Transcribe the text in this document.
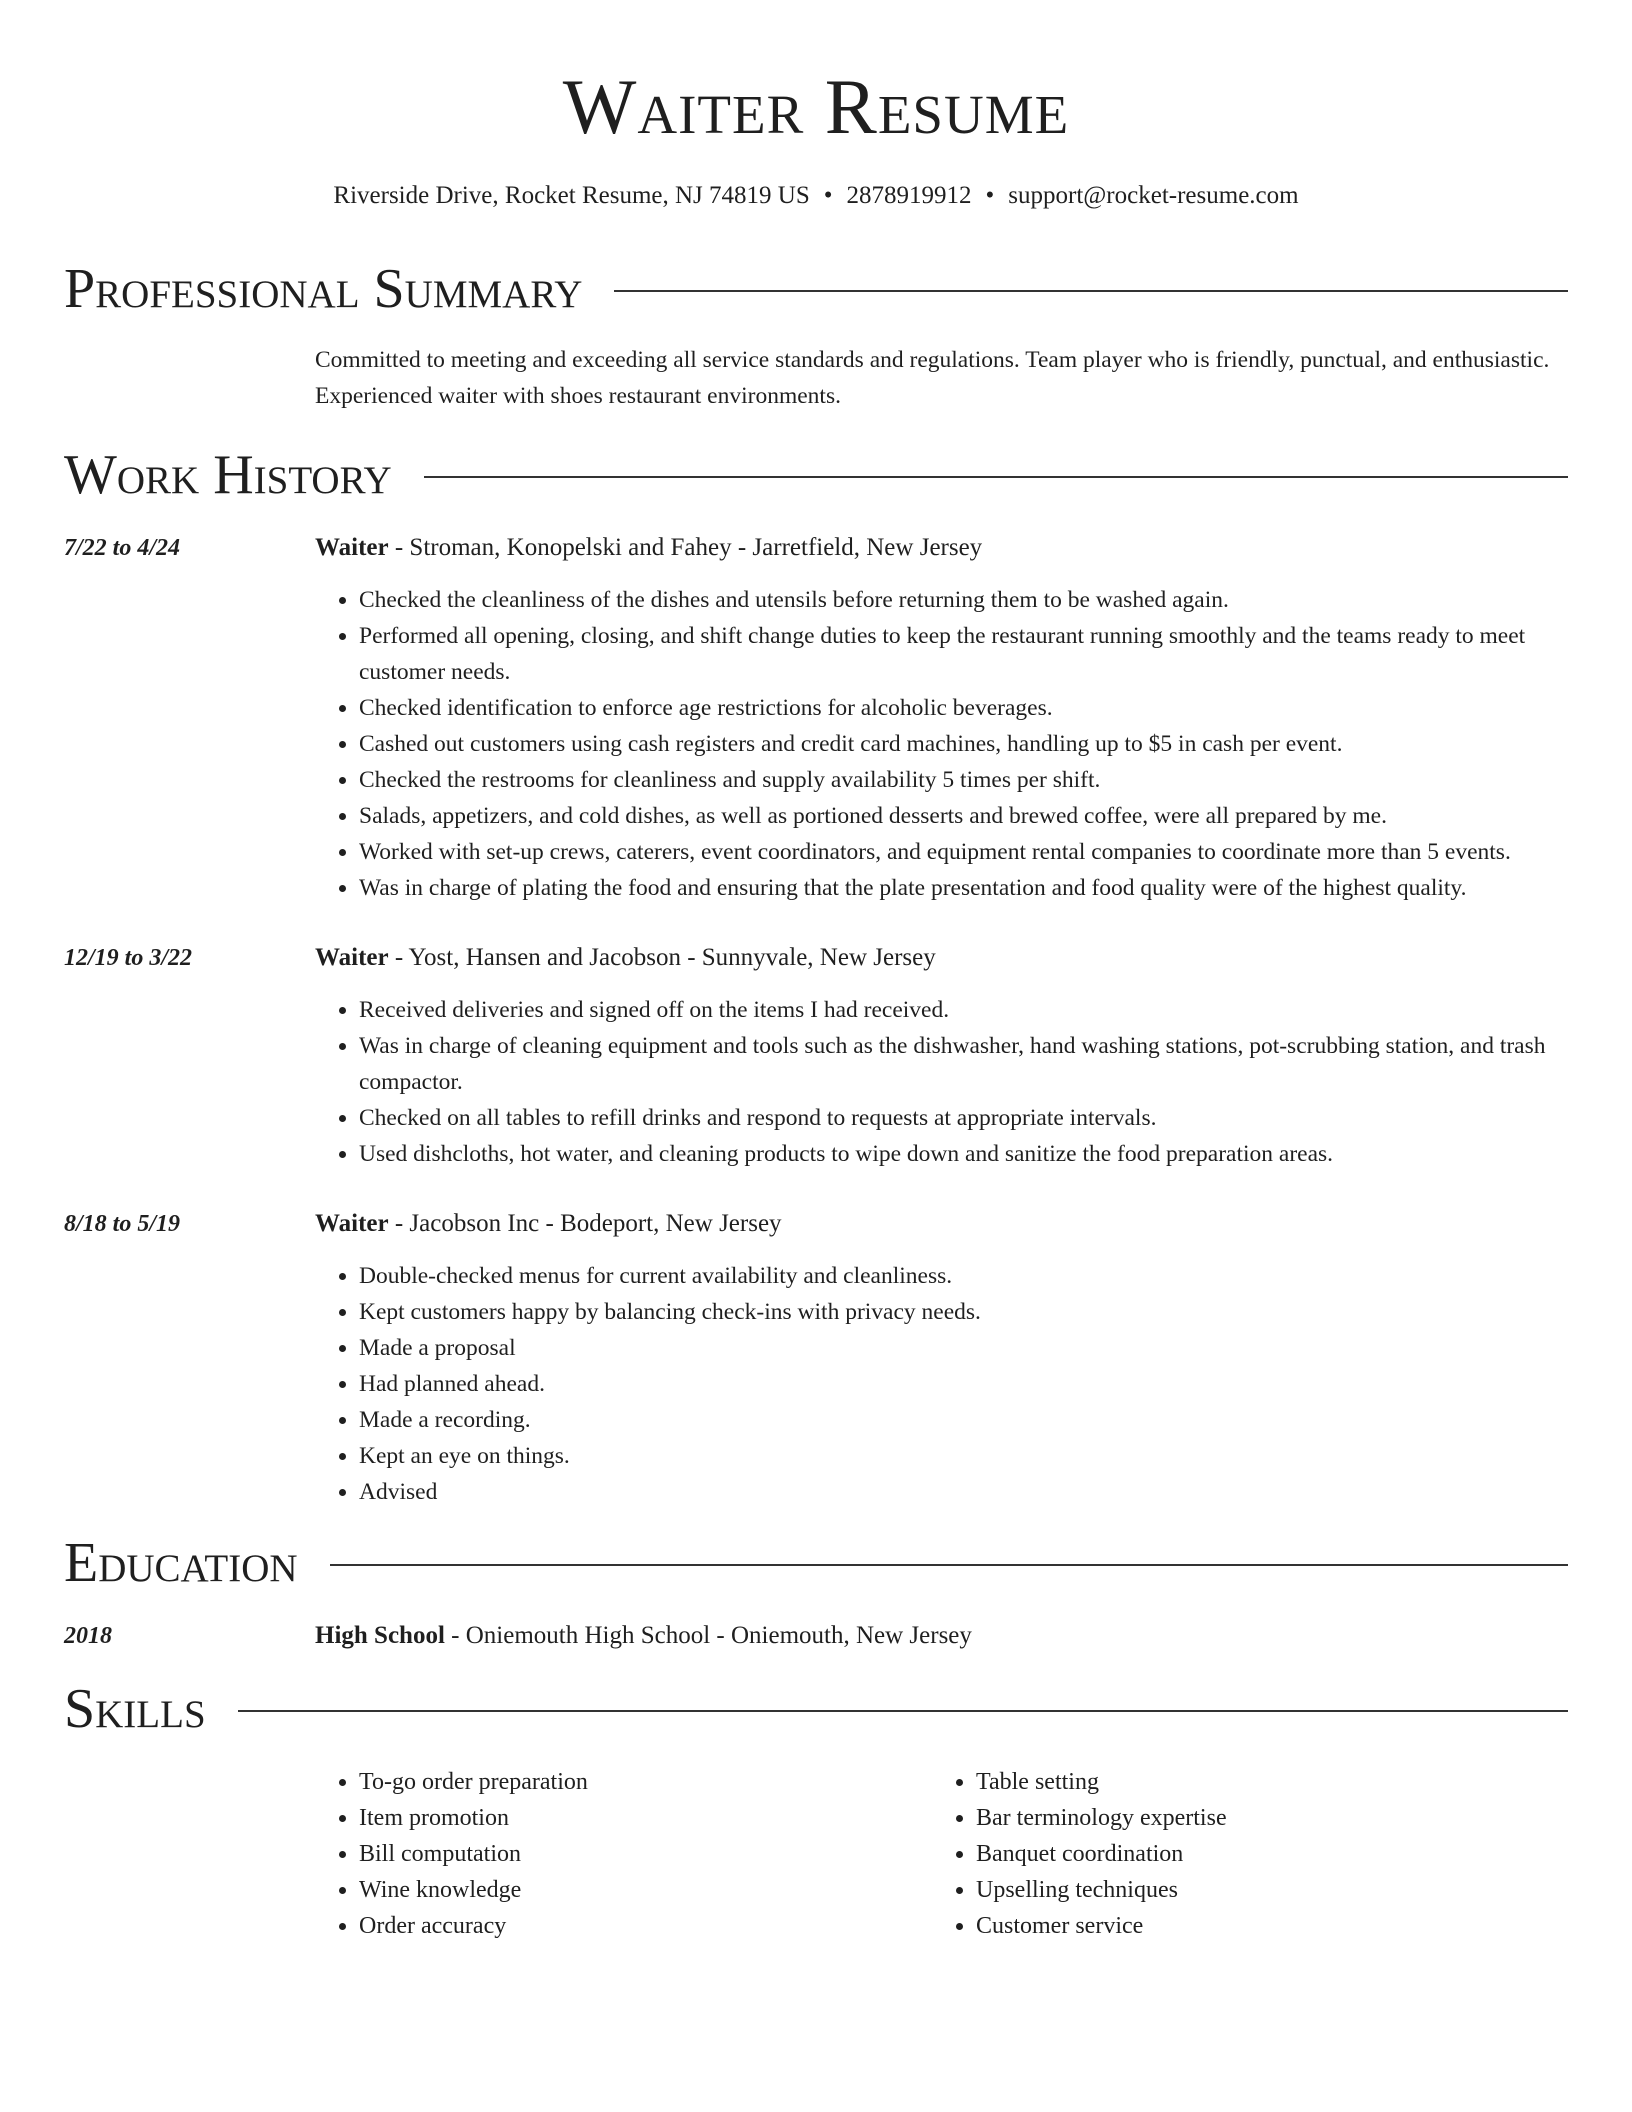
Waiter Resume
Riverside Drive, Rocket Resume, NJ 74819 US • 2878919912 • support@rocket-resume.com
Professional Summary
Committed to meeting and exceeding all service standards and regulations. Team player who is friendly, punctual, and enthusiastic. Experienced waiter with shoes restaurant environments.
Work History
7/22 to 4/24	Waiter - Stroman, Konopelski and Fahey - Jarretfield, New Jersey
• Checked the cleanliness of the dishes and utensils before returning them to be washed again.
• Performed all opening, closing, and shift change duties to keep the restaurant running smoothly and the teams ready to meet customer needs.
• Checked identification to enforce age restrictions for alcoholic beverages.
• Cashed out customers using cash registers and credit card machines, handling up to $5 in cash per event.
• Checked the restrooms for cleanliness and supply availability 5 times per shift.
• Salads, appetizers, and cold dishes, as well as portioned desserts and brewed coffee, were all prepared by me.
• Worked with set-up crews, caterers, event coordinators, and equipment rental companies to coordinate more than 5 events.
• Was in charge of plating the food and ensuring that the plate presentation and food quality were of the highest quality.
12/19 to 3/22	Waiter - Yost, Hansen and Jacobson - Sunnyvale, New Jersey
• Received deliveries and signed off on the items I had received.
• Was in charge of cleaning equipment and tools such as the dishwasher, hand washing stations, pot-scrubbing station, and trash compactor.
• Checked on all tables to refill drinks and respond to requests at appropriate intervals.
• Used dishcloths, hot water, and cleaning products to wipe down and sanitize the food preparation areas.
8/18 to 5/19	Waiter - Jacobson Inc - Bodeport, New Jersey
• Double-checked menus for current availability and cleanliness.
• Kept customers happy by balancing check-ins with privacy needs.
• Made a proposal
• Had planned ahead.
• Made a recording.
• Kept an eye on things.
• Advised
Education
2018	High School - Oniemouth High School - Oniemouth, New Jersey
Skills
• To-go order preparation
• Item promotion
• Bill computation
• Wine knowledge
• Order accuracy
• Table setting
• Bar terminology expertise
• Banquet coordination
• Upselling techniques
• Customer service
